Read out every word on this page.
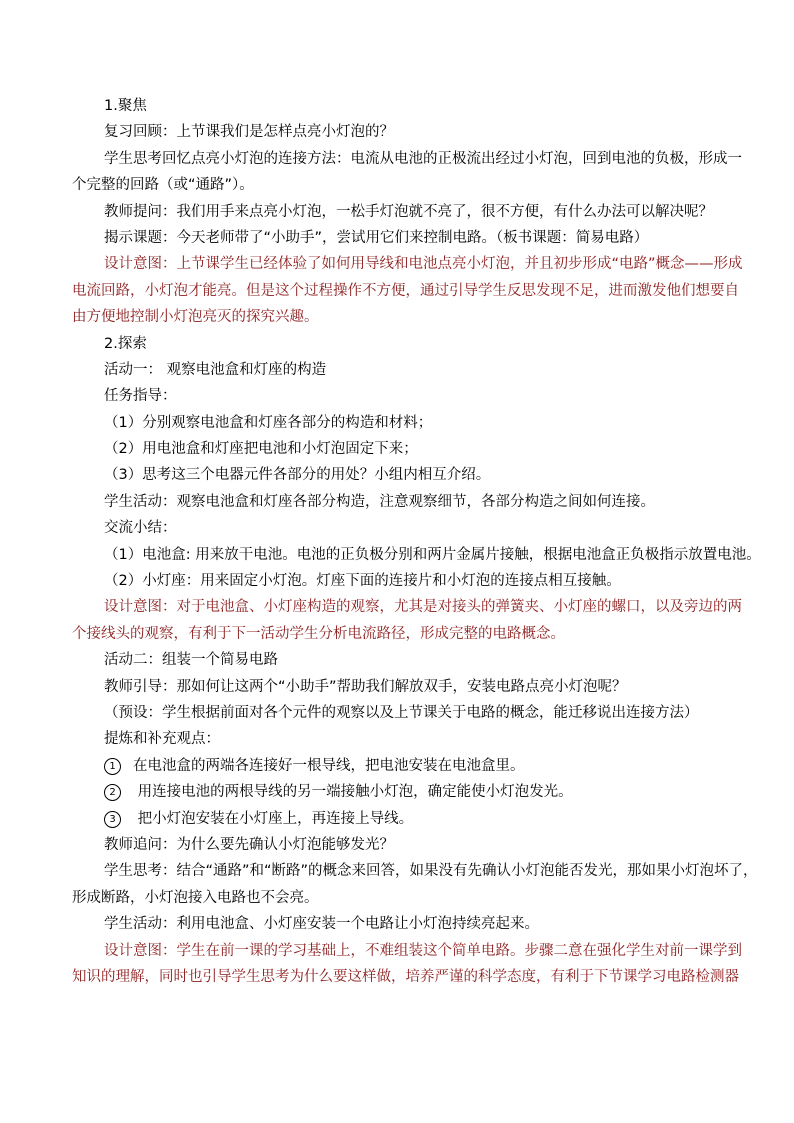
1.聚焦
复习回顾：上节课我们是怎样点亮小灯泡的？
学生思考回忆点亮小灯泡的连接方法：电流从电池的正极流出经过小灯泡，回到电池的负极，形成一
个完整的回路（或“通路”）。
教师提问：我们用手来点亮小灯泡，一松手灯泡就不亮了，很不方便，有什么办法可以解决呢？
揭示课题：今天老师带了“小助手”，尝试用它们来控制电路。（板书课题：简易电路）
设计意图：上节课学生已经体验了如何用导线和电池点亮小灯泡，并且初步形成“电路”概念——形成
电流回路，小灯泡才能亮。但是这个过程操作不方便，通过引导学生反思发现不足，进而激发他们想要自
由方便地控制小灯泡亮灭的探究兴趣。
2.探索
活动一： 观察电池盒和灯座的构造
任务指导：
（1）分别观察电池盒和灯座各部分的构造和材料；
（2）用电池盒和灯座把电池和小灯泡固定下来；
（3）思考这三个电器元件各部分的用处？小组内相互介绍。
学生活动：观察电池盒和灯座各部分构造，注意观察细节，各部分构造之间如何连接。
交流小结：
（1）电池盒: 用来放干电池。电池的正负极分别和两片金属片接触，根据电池盒正负极指示放置电池。
（2）小灯座：用来固定小灯泡。灯座下面的连接片和小灯泡的连接点相互接触。
设计意图：对于电池盒、小灯座构造的观察，尤其是对接头的弹簧夹、小灯座的螺口，以及旁边的两
个接线头的观察，有利于下一活动学生分析电流路径，形成完整的电路概念。
活动二：组装一个简易电路
教师引导：那如何让这两个“小助手”帮助我们解放双手，安装电路点亮小灯泡呢？
（预设：学生根据前面对各个元件的观察以及上节课关于电路的概念，能迁移说出连接方法）
提炼和补充观点：
1 在电池盒的两端各连接好一根导线，把电池安装在电池盒里。
2 用连接电池的两根导线的另一端接触小灯泡，确定能使小灯泡发光。
3 把小灯泡安装在小灯座上，再连接上导线。
教师追问：为什么要先确认小灯泡能够发光？
学生思考：结合“通路”和“断路”的概念来回答，如果没有先确认小灯泡能否发光，那如果小灯泡坏了，
形成断路，小灯泡接入电路也不会亮。
学生活动：利用电池盒、小灯座安装一个电路让小灯泡持续亮起来。
设计意图：学生在前一课的学习基础上，不难组装这个简单电路。步骤二意在强化学生对前一课学到
知识的理解，同时也引导学生思考为什么要这样做，培养严谨的科学态度，有利于下节课学习电路检测器
